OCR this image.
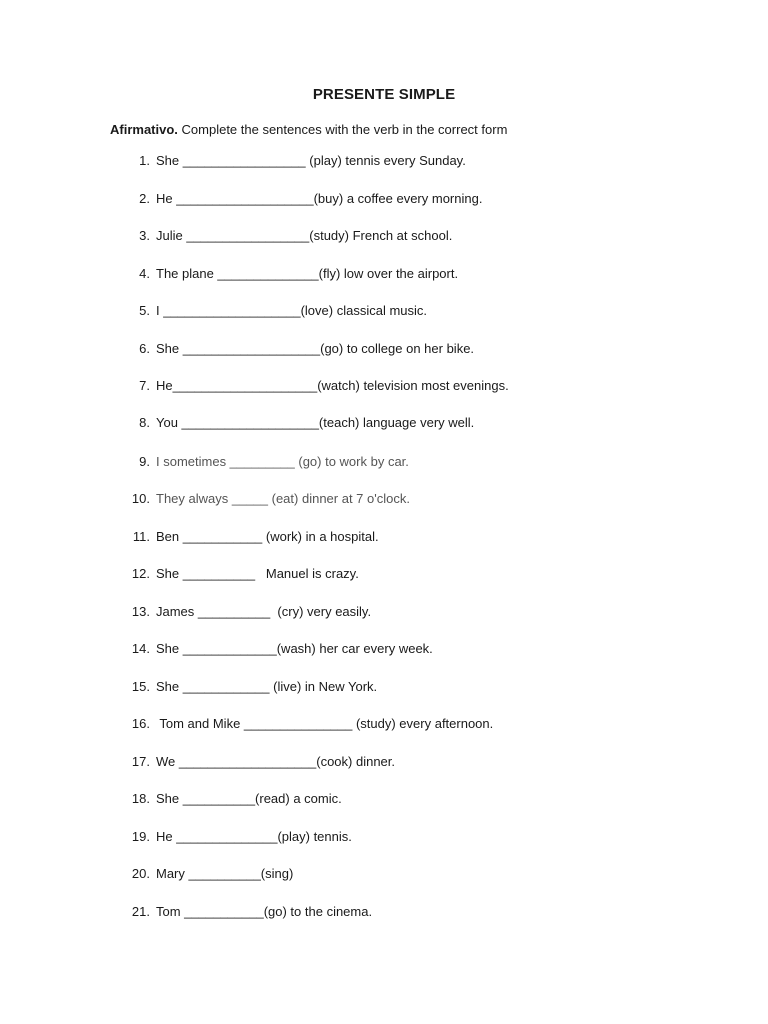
PRESENTE SIMPLE
Afirmativo. Complete the sentences with the verb in the correct form
1. She _________________ (play) tennis every Sunday.
2. He ___________________(buy) a coffee every morning.
3. Julie _________________(study) French at school.
4. The plane ______________(fly) low over the airport.
5. I ___________________(love) classical music.
6. She ___________________(go) to college on her bike.
7. He____________________(watch) television most evenings.
8. You ___________________(teach) language very well.
9. I sometimes _________ (go) to work by car.
10. They always _____ (eat) dinner at 7 o'clock.
11. Ben ___________ (work) in a hospital.
12. She __________   Manuel is crazy.
13. James __________  (cry) very easily.
14. She _____________(wash) her car every week.
15. She ____________ (live) in New York.
16. Tom and Mike _______________ (study) every afternoon.
17. We ___________________(cook) dinner.
18. She __________(read) a comic.
19. He ______________(play) tennis.
20. Mary __________(sing)
21. Tom ___________(go) to the cinema.
